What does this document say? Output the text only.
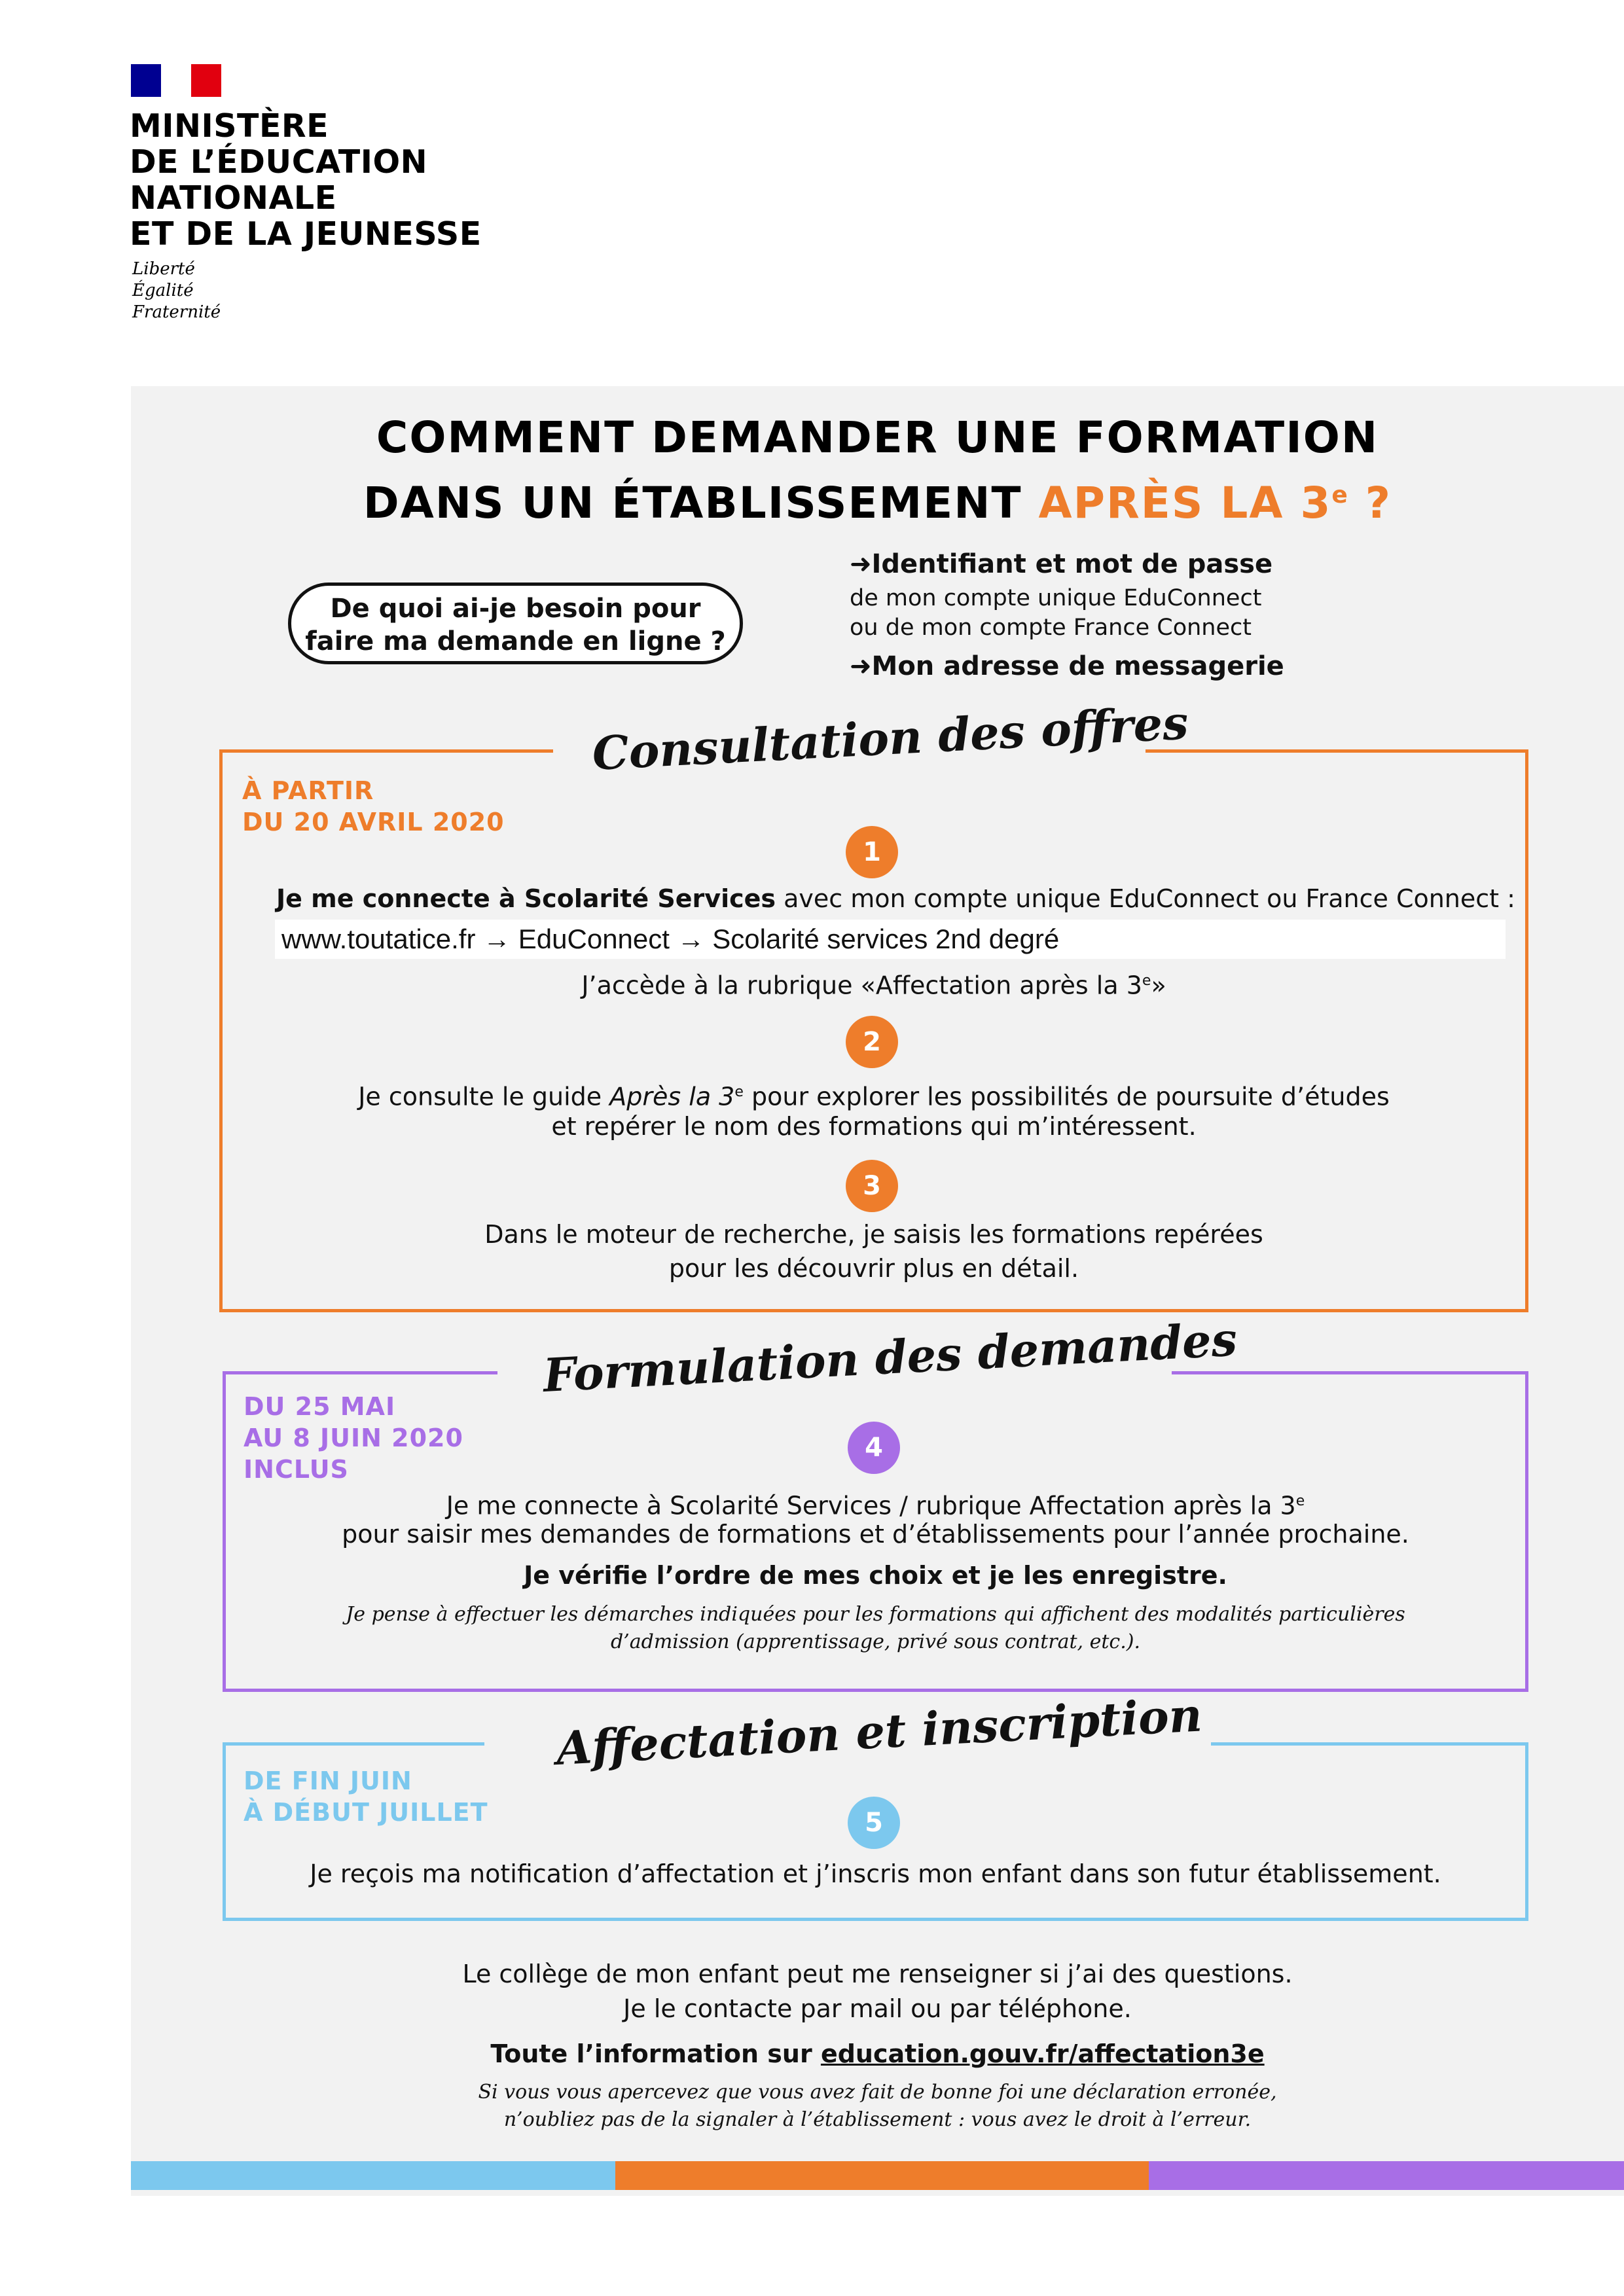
MINISTÈRE
DE L’ÉDUCATION
NATIONALE
ET DE LA JEUNESSE
Liberté
Égalité
Fraternité
COMMENT DEMANDER UNE FORMATION
DANS UN ÉTABLISSEMENT APRÈS LA 3e ?
De quoi ai-je besoin pour
faire ma demande en ligne ?
➜Identifiant et mot de passe
de mon compte unique EduConnect
ou de mon compte France Connect
➜Mon adresse de messagerie
Consultation des offres
À PARTIR
DU 20 AVRIL 2020
1
Je me connecte à Scolarité Services avec mon compte unique EduConnect ou France Connect :
www.toutatice.fr → EduConnect → Scolarité services 2nd degré
J’accède à la rubrique «Affectation après la 3e»
2
Je consulte le guide Après la 3e pour explorer les possibilités de poursuite d’études
et repérer le nom des formations qui m’intéressent.
3
Dans le moteur de recherche, je saisis les formations repérées
pour les découvrir plus en détail.
Formulation des demandes
DU 25 MAI
AU 8 JUIN 2020
INCLUS
4
Je me connecte à Scolarité Services / rubrique Affectation après la 3e
pour saisir mes demandes de formations et d’établissements pour l’année prochaine.
Je vérifie l’ordre de mes choix et je les enregistre.
Je pense à effectuer les démarches indiquées pour les formations qui affichent des modalités particulières
d’admission (apprentissage, privé sous contrat, etc.).
Affectation et inscription
DE FIN JUIN
À DÉBUT JUILLET	5
Je reçois ma notification d’affectation et j’inscris mon enfant dans son futur établissement.
Le collège de mon enfant peut me renseigner si j’ai des questions.
Je le contacte par mail ou par téléphone.
Toute l’information sur education.gouv.fr/affectation3e
Si vous vous apercevez que vous avez fait de bonne foi une déclaration erronée,
n’oubliez pas de la signaler à l’établissement : vous avez le droit à l’erreur.
